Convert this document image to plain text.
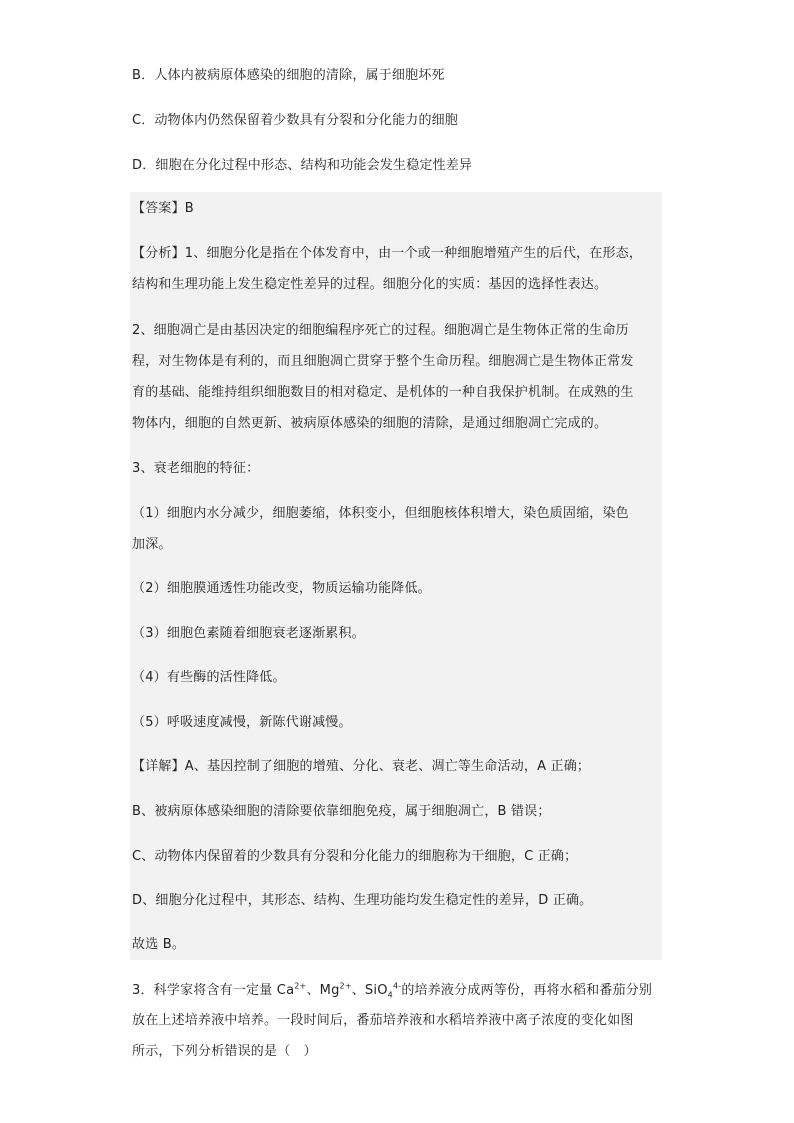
B．人体内被病原体感染的细胞的清除，属于细胞坏死
C．动物体内仍然保留着少数具有分裂和分化能力的细胞
D．细胞在分化过程中形态、结构和功能会发生稳定性差异
【答案】B
【分析】1、细胞分化是指在个体发育中，由一个或一种细胞增殖产生的后代，在形态，
结构和生理功能上发生稳定性差异的过程。细胞分化的实质：基因的选择性表达。
2、细胞凋亡是由基因决定的细胞编程序死亡的过程。细胞凋亡是生物体正常的生命历
程，对生物体是有利的，而且细胞凋亡贯穿于整个生命历程。细胞凋亡是生物体正常发
育的基础、能维持组织细胞数目的相对稳定、是机体的一种自我保护机制。在成熟的生
物体内，细胞的自然更新、被病原体感染的细胞的清除，是通过细胞凋亡完成的。
3、衰老细胞的特征：
（1）细胞内水分减少，细胞萎缩，体积变小，但细胞核体积增大，染色质固缩，染色
加深。
（2）细胞膜通透性功能改变，物质运输功能降低。
（3）细胞色素随着细胞衰老逐渐累积。
（4）有些酶的活性降低。
（5）呼吸速度减慢，新陈代谢减慢。
【详解】A、基因控制了细胞的增殖、分化、衰老、凋亡等生命活动，A 正确；
B、被病原体感染细胞的清除要依靠细胞免疫，属于细胞凋亡，B 错误；
C、动物体内保留着的少数具有分裂和分化能力的细胞称为干细胞，C 正确；
D、细胞分化过程中，其形态、结构、生理功能均发生稳定性的差异，D 正确。
故选 B。
3．科学家将含有一定量 $Ca^{2+}$、$Mg^{2+}$、SiO$_4^{4-}$的培养液分成两等份，再将水稻和番茄分别
放在上述培养液中培养。一段时间后，番茄培养液和水稻培养液中离子浓度的变化如图
所示，下列分析错误的是（　）
